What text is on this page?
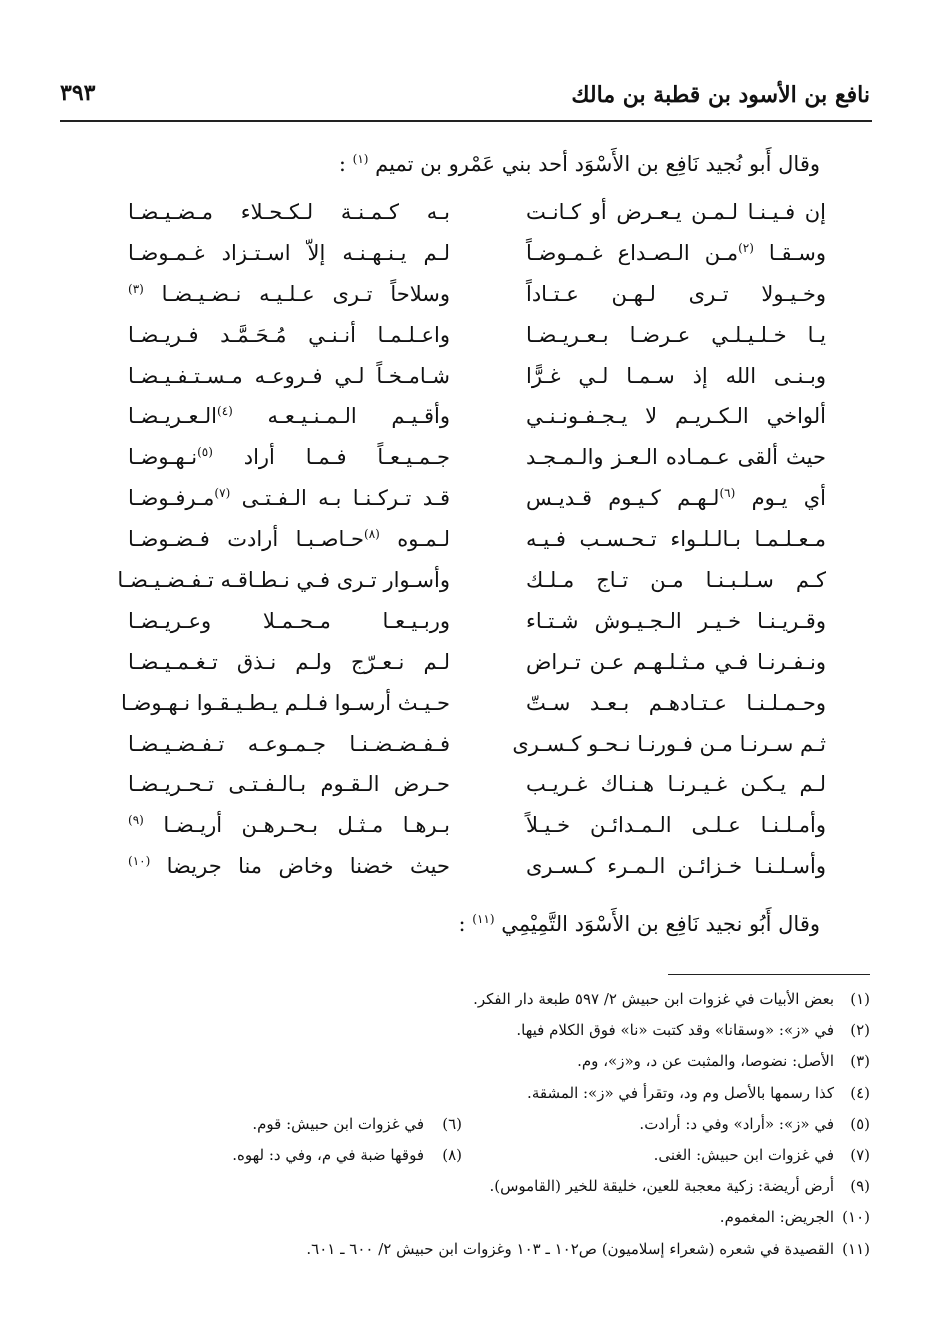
نافع بن الأسود بن قطبة بن مالك
٣٩٣
وقال أَبو نُجيد نَافِع بن الأَسْوَد أحد بني عَمْرو بن تميم $^{(١)}$ :
إن فـيـنـا لـمـن يـعـرض أو كـانـت
بـه كـمـنـة لـكـحـلاء مـضـيـضـا
وسـقـا $^{(٢)}$مـن الـصـداع غـمـوضـاً
لـم يـنـهـنـه إلاّ اسـتـزاد غـمـوضـا
وخـيـولا تـرى لـهـن عـتـاداً
وسلاحاً تـرى عـلـيـه نـضـيـضـا $^{(٣)}$
يـا خـلـيـلـي عـرضـا بـعـريـضـا
واعـلـمـا أنـنـي مُـحَـمَّـد فـريـضـا
وبـنـى الله إذ سـمـا لـي غـرًّا
شـامـخـاً لـي فـروعـه مـسـتـفـيـضـا
ألواخي الـكـريـم لا يـجـفـونـنـي
وأقـيـم الـمـنـيـعـه $^{(٤)}$الـعـريـضـا
حيث ألقى عـمـاده الـعـز والـمـجـد
جـمـيـعـاً فـمـا أراد $^{(٥)}$نـهـوضـا
أي يـوم $^{(٦)}$لـهـم كـيـوم قـديـس
قـد تـركـنـا بـه الـفـتـى $^{(٧)}$مـرفـوضـا
مـعـلـمـا بـالـلـواء تـحـسـب فـيـه
لـمـوه $^{(٨)}$حـاصـبـا أرادت فـضـوضـا
كـم سـلـبـنـا مـن تـاج مـلـك
وأسـوار تـرى فـي نـطـاقـه تـفـضـيـضـا
وقـريـنـا خـيـر الـجـيـوش شـتـاء
وربـيـعـا مـحـمـلا وعـريـضـا
ونـفـرنـا فـي مـثـلـهـم عـن تـراض
لـم نـعـرّج ولـم نـذق تـغـمـيـضـا
وحـمـلـنـا عـتـادهـم بـعـد سـتّ
حـيـث أرسـوا فـلـم يـطـيـقـوا نـهـوضـا
ثـم سـرنـا مـن فـورنـا نـحـو كـسـرى
فـفـضـضـنـا جـمـوعـه تـفـضـيـضـا
لـم يـكـن غـيـرنـا هـنـاك غـريـب
حـرض الـقـوم بـالـفـتـى تـحـريـضـا
وأمـلـنـا عـلـى الـمـدائـن خـيـلاً
بـرهـا مـثـل بـحـرهـن أريـضـا $^{(٩)}$
وأسـلـنـا خـزائـن الـمـرء كـسـرى
حيث خضنا وخاض منا جريضا $^{(١٠)}$
وقال أَبُو نجيد نَافِع بن الأَسْوَد التَّمِيْمِي $^{(١١)}$ :
(١)
بعض الأبيات في غزوات ابن حبيش ٢/ ٥٩٧ طبعة دار الفكر.
(٢)
في «ز»: «وسقانا» وقد كتبت «نا» فوق الكلام فيها.
(٣)
الأصل: نضوصا، والمثبت عن د، و«ز»، وم.
(٤)
كذا رسمها بالأصل وم ود، وتقرأ في «ز»: المشقة.
(٥)
في «ز»: «أراد» وفي د: أرادت.
(٦)
في غزوات ابن حبيش: قوم.
(٧)
في غزوات ابن حبيش: الغنى.
(٨)
فوقها ضبة في م، وفي د: لهوه.
(٩)
أرض أريضة: زكية معجبة للعين، خليقة للخير (القاموس).
(١٠)
الجريض: المغموم.
(١١)
القصيدة في شعره (شعراء إسلاميون) ص١٠٢ ـ ١٠٣ وغزوات ابن حبيش ٢/ ٦٠٠ ـ ٦٠١.
